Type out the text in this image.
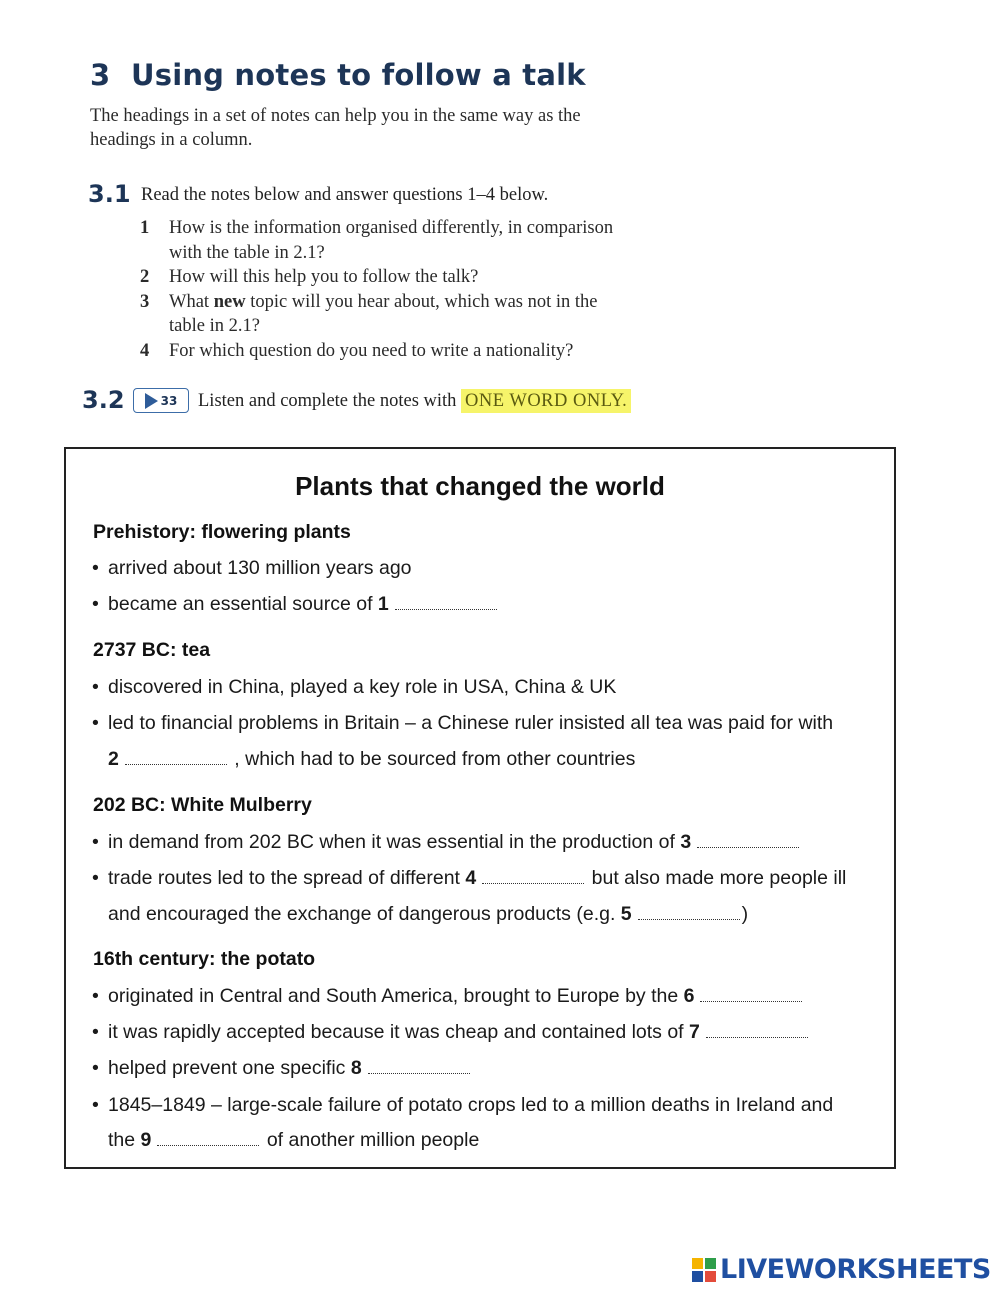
3 Using notes to follow a talk
The headings in a set of notes can help you in the same way as the
headings in a column.
3.1 Read the notes below and answer questions 1–4 below.
1 How is the information organised differently, in comparison
with the table in 2.1?
2 How will this help you to follow the talk?
3 What new topic will you hear about, which was not in the
table in 2.1?
4 For which question do you need to write a nationality?
3.2	33 Listen and complete the notes with ONE WORD ONLY.
Plants that changed the world
Prehistory: flowering plants
• arrived about 130 million years ago
• became an essential source of 1
2737 BC: tea
• discovered in China, played a key role in USA, China & UK
• led to financial problems in Britain – a Chinese ruler insisted all tea was paid for with
2	, which had to be sourced from other countries
202 BC: White Mulberry
• in demand from 202 BC when it was essential in the production of 3
• trade routes led to the spread of different 4	but also made more people ill
and encouraged the exchange of dangerous products (e.g. 5	)
16th century: the potato
• originated in Central and South America, brought to Europe by the 6
• it was rapidly accepted because it was cheap and contained lots of 7
• helped prevent one specific 8
• 1845–1849 – large-scale failure of potato crops led to a million deaths in Ireland and
the 9	of another million people
LIVEWORKSHEETS
